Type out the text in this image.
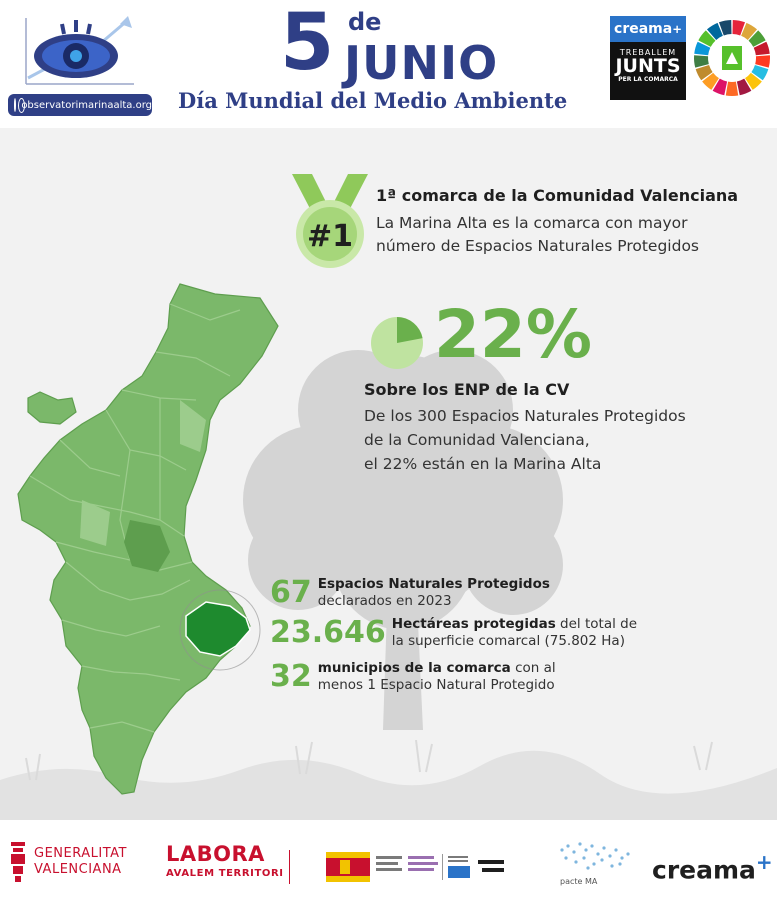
observatorimarinaalta.org
5 de
JUNIO
Día Mundial del Medio Ambiente
creama +
TREBALLEM
JUNTS
PER LA COMARCA
#1
1ª comarca de la Comunidad Valenciana
La Marina Alta es la comarca con mayor
número de Espacios Naturales Protegidos
22%
Sobre los ENP de la CV
De los 300 Espacios Naturales Protegidos
de la Comunidad Valenciana,
el 22% están en la Marina Alta
67 Espacios Naturales Protegidos
declarados en 2023
23.646 Hectáreas protegidas del total de
la superficie comarcal (75.802 Ha)
32 municipios de la comarca con al
menos 1 Espacio Natural Protegido
GENERALITAT
VALENCIANA
LABORA
AVALEM TERRITORI
pacte MA creama+
